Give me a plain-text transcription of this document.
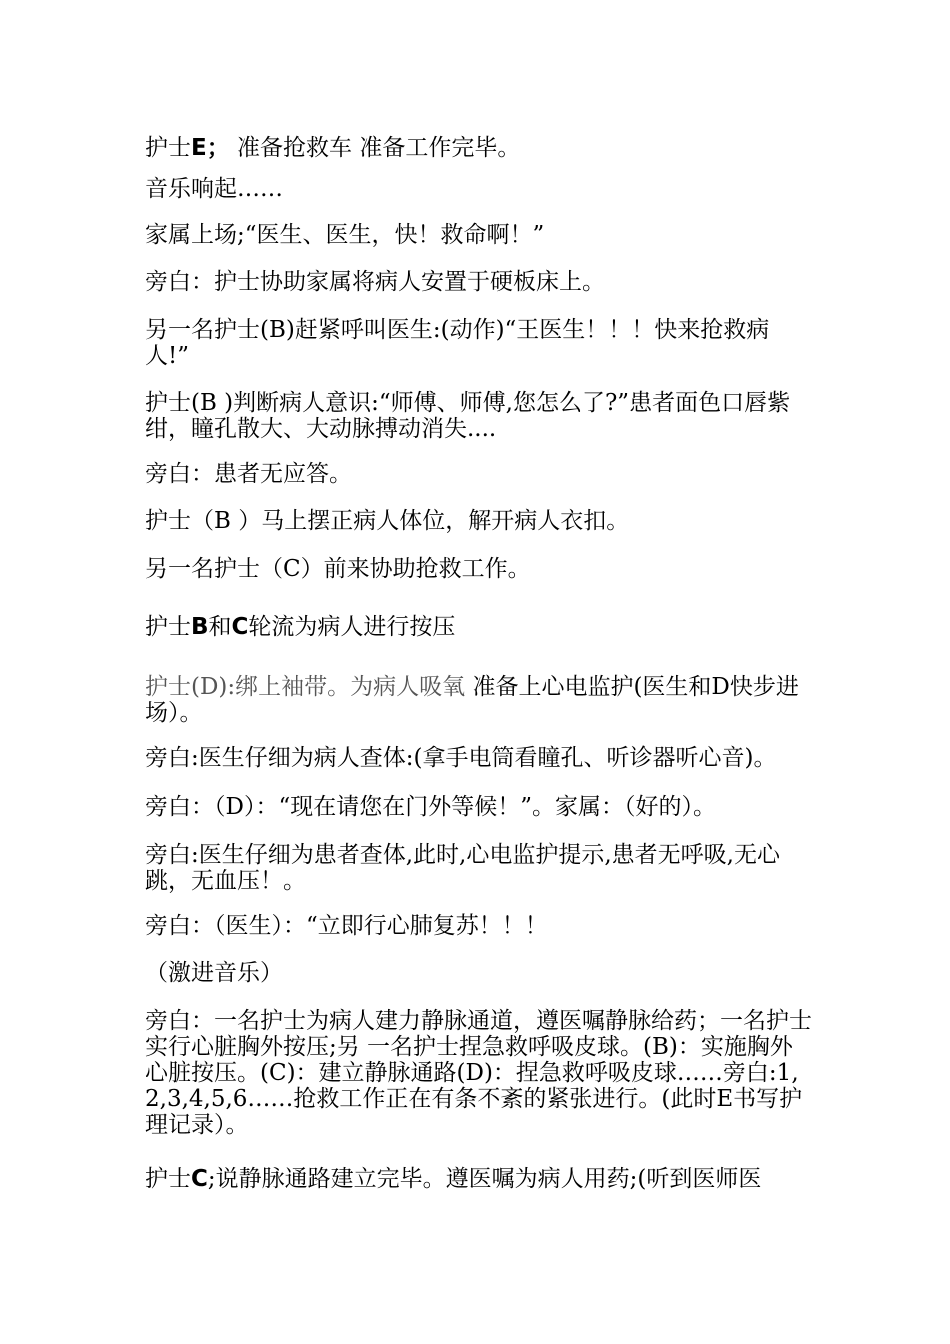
护士E； 准备抢救车 准备工作完毕。

音乐响起……

家属上场;“医生、医生，快！救命啊！”

旁白：护士协助家属将病人安置于硬板床上。

另一名护士(B)赶紧呼叫医生:(动作)“王医生！！！快来抢救病人!”

护士(B )判断病人意识:“师傅、师傅,您怎么了?”患者面色口唇紫绀，瞳孔散大、大动脉搏动消失....

旁白：患者无应答。

护士（B ）马上摆正病人体位，解开病人衣扣。

另一名护士（C）前来协助抢救工作。

护士B和C轮流为病人进行按压

护士(D):绑上袖带。为病人吸氧 准备上心电监护(医生和D快步进场）。

旁白:医生仔细为病人查体:(拿手电筒看瞳孔、听诊器听心音)。

旁白：（D）：“现在请您在门外等候！”。家属：（好的）。

旁白:医生仔细为患者查体,此时,心电监护提示,患者无呼吸,无心跳，无血压！。

旁白：（医生）：“立即行心肺复苏！！！

（激进音乐）

旁白：一名护士为病人建力静脉通道，遵医嘱静脉给药；一名护士实行心脏胸外按压;另 一名护士捏急救呼吸皮球。(B)：实施胸外心脏按压。(C)：建立静脉通路(D)：捏急救呼吸皮球……旁白:1,2,3,4,5,6……抢救工作正在有条不紊的紧张进行。(此时E书写护理记录）。

护士C;说静脉通路建立完毕。遵医嘱为病人用药;(听到医师医
